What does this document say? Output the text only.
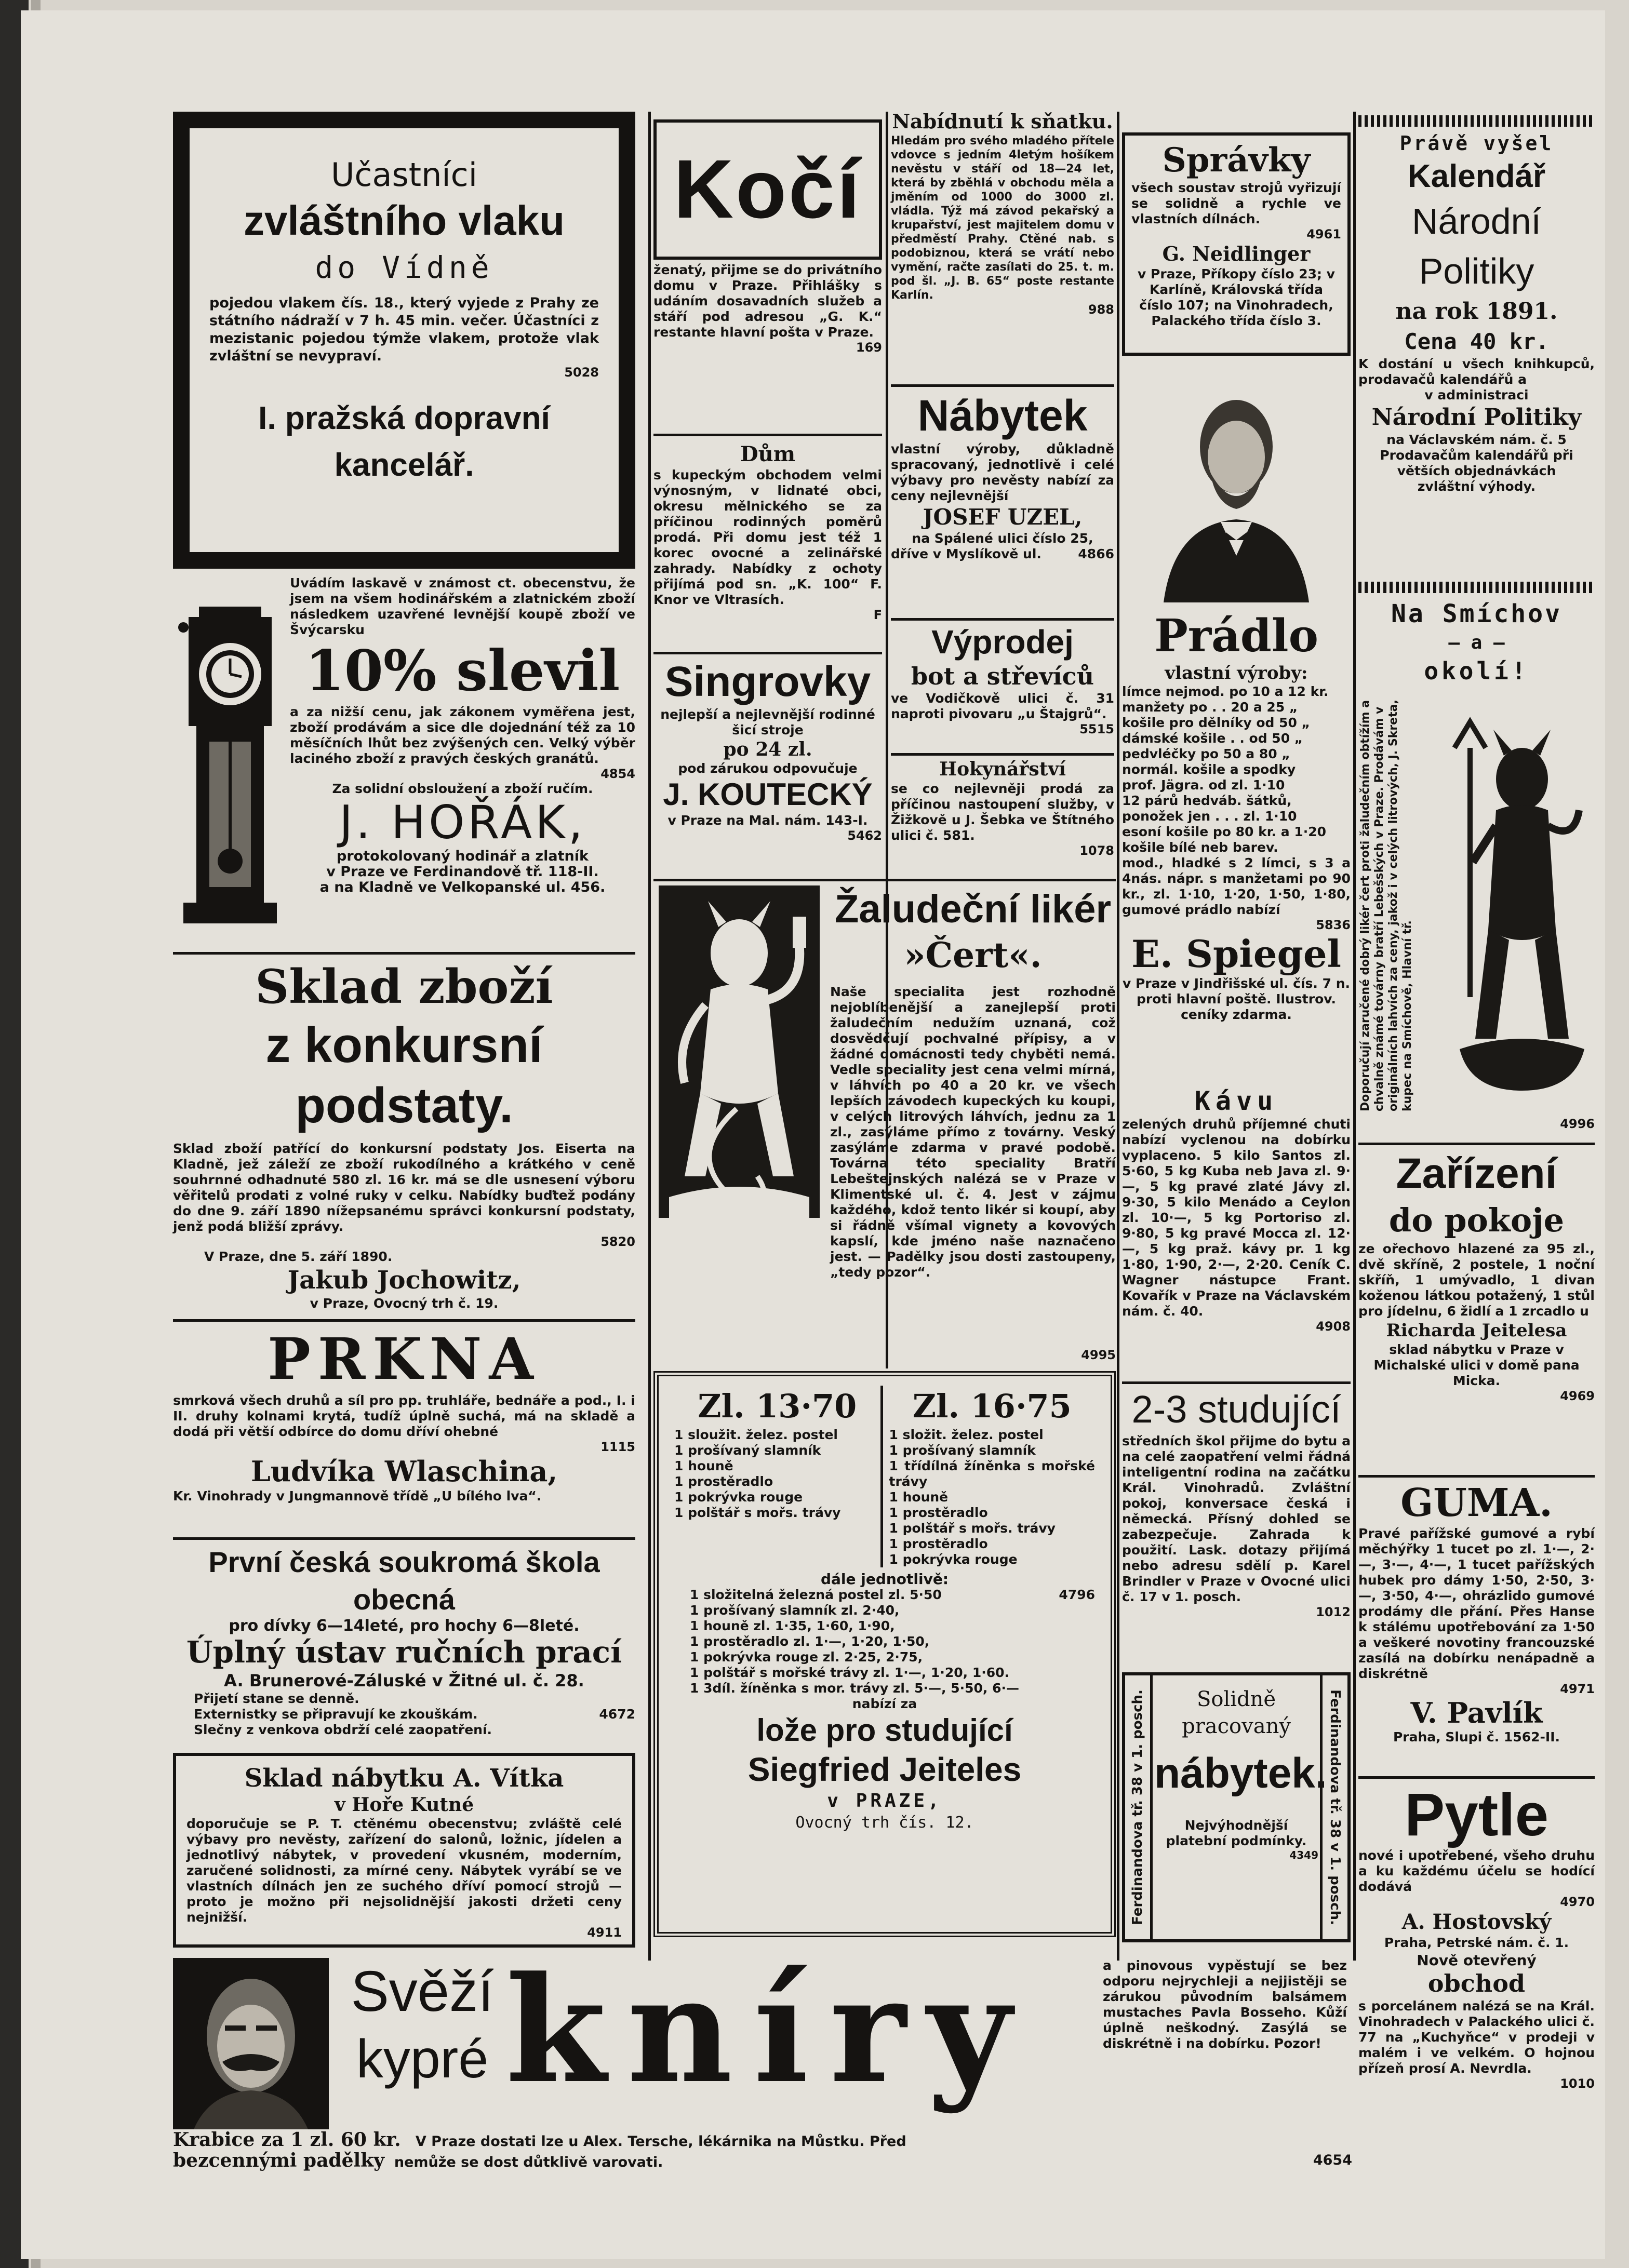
Učastníci
zvláštního vlaku
do Vídně

pojedou vlakem čís. 18., který vyjede z Prahy ze státního nádraží v 7 h. 45 min. večer. Účastníci z mezistanic pojedou týmže vlakem, protože vlak zvláštní se nevypraví.

5028
I. pražská dopravní kancelář.

Uvádím laskavě v známost ct. obecenstvu, že jsem na všem hodinářském a zlatnickém zboží následkem uzavřené levnější koupě zboží ve Švýcarsku

10% slevil

a za nižší cenu, jak zákonem vyměřena jest, zboží prodávám a sice dle dojednání též za 10 měsíčních lhůt bez zvýšených cen. Velký výběr laciného zboží z pravých českých granátů.

4854
Za solidní obsloužení a zboží ručím.
J. HOŘÁK,
protokolovaný hodinář a zlatník
v Praze ve Ferdinandově tř. 118-II.
a na Kladně ve Velkopanské ul. 456.
Sklad zboží
z konkursní podstaty.

Sklad zboží patřící do konkursní podstaty Jos. Eiserta na Kladně, jež záleží ze zboží rukodílného a krátkého v ceně souhrnné odhadnuté 580 zl. 16 kr. má se dle usnesení výboru věřitelů prodati z volné ruky v celku. Nabídky buďtež podány do dne 9. září 1890 nížepsanému správci konkursní podstaty, jenž podá bližší zprávy.

5820
V Praze, dne 5. září 1890.
Jakub Jochowitz,
v Praze, Ovocný trh č. 19.
PRKNA

smrková všech druhů a síl pro pp. truhláře, bednáře a pod., I. i II. druhy kolnami krytá, tudíž úplně suchá, má na skladě a dodá při větší odbírce do domu dříví ohebné

1115
Ludvíka Wlaschina,
Kr. Vinohrady v Jungmannově třídě „U bílého lva“.
První česká soukromá škola obecná
pro dívky 6—14leté, pro hochy 6—8leté.
Úplný ústav ručních prací
A. Brunerové-Záluské v Žitné ul. č. 28.
Přijetí stane se denně.
Externistky se připravují ke zkouškám.	4672
Slečny z venkova obdrží celé zaopatření.
Sklad nábytku A. Vítka
v Hoře Kutné

doporučuje se P. T. ctěnému obecenstvu; zvláště celé výbavy pro nevěsty, zařízení do salonů, ložnic, jídelen a jednotlivý nábytek, v provedení vkusném, moderním, zaručené solidnosti, za mírné ceny. Nábytek vyrábí se ve vlastních dílnách jen ze suchého dříví pomocí strojů — proto je možno při nejsolidnější jakosti držeti ceny nejnižší.

4911
Kočí

ženatý, přijme se do privátního domu v Praze. Přihlášky s udáním dosavadních služeb a stáří pod adresou „G. K.“ restante hlavní pošta v Praze.

169
Dům

s kupeckým obchodem velmi výnosným, v lidnaté obci, okresu mělnického se za příčinou rodinných poměrů prodá. Při domu jest též 1 korec ovocné a zelinářské zahrady. Nabídky z ochoty přijímá pod sn. „K. 100“ F. Knor ve Vltrasích.

F
Singrovky

nejlepší a nejlevnější rodinné šicí stroje

po 24 zl.
pod zárukou odpovučuje
J. KOUTECKÝ
v Praze na Mal. nám. 143-I.
5462
Nabídnutí k sňatku.

Hledám pro svého mladého přítele vdovce s jedním 4letým hošíkem nevěstu v stáří od 18—24 let, která by zběhlá v obchodu měla a jměním od 1000 do 3000 zl. vládla. Týž má závod pekařský a krupařství, jest majitelem domu v předměstí Prahy. Ctěné nab. s podobiznou, která se vrátí nebo vymění, račte zasílati do 25. t. m. pod šl. „J. B. 65“ poste restante Karlín.

988
Nábytek

vlastní výroby, důkladně spracovaný, jednotlivě i celé výbavy pro nevěsty nabízí za ceny nejlevnější

JOSEF UZEL,
na Spálené ulici číslo 25,
dříve v Myslíkově ul.	4866
Výprodej
bot a střevíců

ve Vodičkově ulici č. 31 naproti pivovaru „u Štajgrů“.

5515
Hokynářství

se co nejlevněji prodá za příčinou nastoupení služby, v Žižkově u J. Šebka ve Štítného ulici č. 581.

1078
Žaludeční likér
»Čert«.

Naše specialita jest rozhodně nejoblíbenější a zanejlepší proti žaludečním nedužím uznaná, což dosvědčují pochvalné přípisy, a v žádné domácnosti tedy chyběti nemá. Vedle speciality jest cena velmi mírná, v láhvích po 40 a 20 kr. ve všech lepších závodech kupeckých ku koupi, v celých litrových láhvích, jednu za 1 zl., zasýláme přímo z továrny. Veský zasýláme zdarma v pravé podobě. Továrna této speciality Bratří Lebeštejnských nalézá se v Praze v Klimentské ul. č. 4. Jest v zájmu každého, kdož tento likér si koupí, aby si řádně všímal vignety a kovových kapslí, kde jméno naše naznačeno jest. — Padělky jsou dosti zastoupeny, „tedy pozor“.

4995
Zl. 13·70
1 sloužit. želez. postel
1 prošívaný slamník
1 houně
1 prostěradlo
1 pokrývka rouge
1 polštář s mořs. trávy
Zl. 16·75
1 složit. želez. postel
1 prošívaný slamník
1 třídílná žíněnka s mořské trávy
1 houně
1 prostěradlo
1 polštář s mořs. trávy
1 prostěradlo
1 pokrývka rouge
dále jednotlivě:
1 složitelná železná postel zl. 5·50	4796
1 prošívaný slamník zl. 2·40,
1 houně zl. 1·35, 1·60, 1·90,
1 prostěradlo zl. 1·—, 1·20, 1·50,
1 pokrývka rouge zl. 2·25, 2·75,
1 polštář s mořské trávy zl. 1·—, 1·20, 1·60.
1 3díl. žíněnka s mor. trávy zl. 5·—, 5·50, 6·—
nabízí za
lože pro studující
Siegfried Jeiteles
v PRAZE,
Ovocný trh čís. 12.
Správky

všech soustav strojů vyřizují se solidně a rychle ve vlastních dílnách.

4961
G. Neidlinger

v Praze, Příkopy číslo 23; v Karlíně, Královská třída číslo 107; na Vinohradech, Palackého třída číslo 3.

Prádlo
vlastní výroby:
límce nejmod. po 10 a 12 kr.
manžety po . . 20 a 25 „
košile pro dělníky od 50 „
dámské košile . . od 50 „
pedvléčky po 50 a 80 „
normál. košile a spodky
prof. Jägra. od zl. 1·10
12 párů hedváb. šátků,
ponožek jen . . . zl. 1·10
esoní košile po 80 kr. a 1·20
košile bílé neb barev.

mod., hladké s 2 límci, s 3 a 4nás. nápr. s manžetami po 90 kr., zl. 1·10, 1·20, 1·50, 1·80, gumové prádlo nabízí

5836
E. Spiegel

v Praze v Jindřišské ul. čís. 7 n. proti hlavní poště. Ilustrov. ceníky zdarma.

Kávu

zelených druhů příjemné chuti nabízí vyclenou na dobírku vyplaceno. 5 kilo Santos zl. 5·60, 5 kg Kuba neb Java zl. 9·—, 5 kg pravé zlaté Jávy zl. 9·30, 5 kilo Menádo a Ceylon zl. 10·—, 5 kg Portoriso zl. 9·80, 5 kg pravé Mocca zl. 12·—, 5 kg praž. kávy pr. 1 kg 1·80, 1·90, 2·—, 2·20. Ceník C. Wagner nástupce Frant. Kovařík v Praze na Václavském nám. č. 40.

4908
2-3 studující

středních škol přijme do bytu a na celé zaopatření velmi řádná inteligentní rodina na začátku Král. Vinohradů. Zvláštní pokoj, konversace česká i německá. Přísný dohled se zabezpečuje. Zahrada k použití. Lask. dotazy přijímá nebo adresu sdělí p. Karel Brindler v Praze v Ovocné ulici č. 17 v 1. posch.

1012
Ferdinandova tř. 38 v 1. posch.	Ferdinandova tř. 38 v 1. posch.
Solidně
pracovaný
nábytek.
Nejvýhodnější
platební podmínky.
4349
Právě vyšel
Kalendář
Národní Politiky
na rok 1891.
Cena 40 kr.

K dostání u všech knihkupců, prodavačů kalendářů a

v administraci
Národní Politiky
na Václavském nám. č. 5
Prodavačům kalendářů při větších objednávkách
zvláštní výhody.
Na Smíchov
— a —
okolí!
Doporučují zaručené dobrý likér čert proti žaludečním obtížím a chvalně známé továrny bratří Lebešských v Praze. Prodávám v originálních lahvích za ceny, jakož i v celých litrových, J. Skreta, kupec na Smíchově, Hlavní tř.
4996
Zařízení
do pokoje

ze ořechovo hlazené za 95 zl., dvě skříně, 2 postele, 1 noční skříň, 1 umývadlo, 1 divan koženou látkou potažený, 1 stůl pro jídelnu, 6 židlí a 1 zrcadlo u

Richarda Jeitelesa

sklad nábytku v Praze v Michalské ulici v domě pana Micka.

4969
GUMA.

Pravé pařížské gumové a rybí měchýřky 1 tucet po zl. 1·—, 2·—, 3·—, 4·—, 1 tucet pařížských hubek pro dámy 1·50, 2·50, 3·—, 3·50, 4·—, ohrázlido gumové prodámy dle přání. Přes Hanse k stálému upotřebování za 1·50 a veškeré novotiny francouzské zasílá na dobírku nenápadně a diskrétně

4971
V. Pavlík
Praha, Slupi č. 1562-II.
Pytle

nové i upotřebené, všeho druhu a ku každému účelu se hodící dodává

4970
A. Hostovský
Praha, Petrské nám. č. 1.
Svěží
kypré kníry	a pinovous vypěstují se bez odporu nejrychleji a nejjistěji se zárukou původním balsámem mustaches Pavla Bosseho. Kůží úplně neškodný. Zasýlá se diskrétně i na dobírku. Pozor!

Krabice za 1 zl. 60 kr. V Praze dostati lze u Alex. Tersche, lékárnika na Můstku. Před
bezcennými padělky nemůže se dost důtklivě varovati.	4654
Nově otevřený
obchod

s porcelánem nalézá se na Král. Vinohradech v Palackého ulici č. 77 na „Kuchyňce“ v prodeji v malém i ve velkém. O hojnou přízeň prosí A. Nevrdla.

1010
